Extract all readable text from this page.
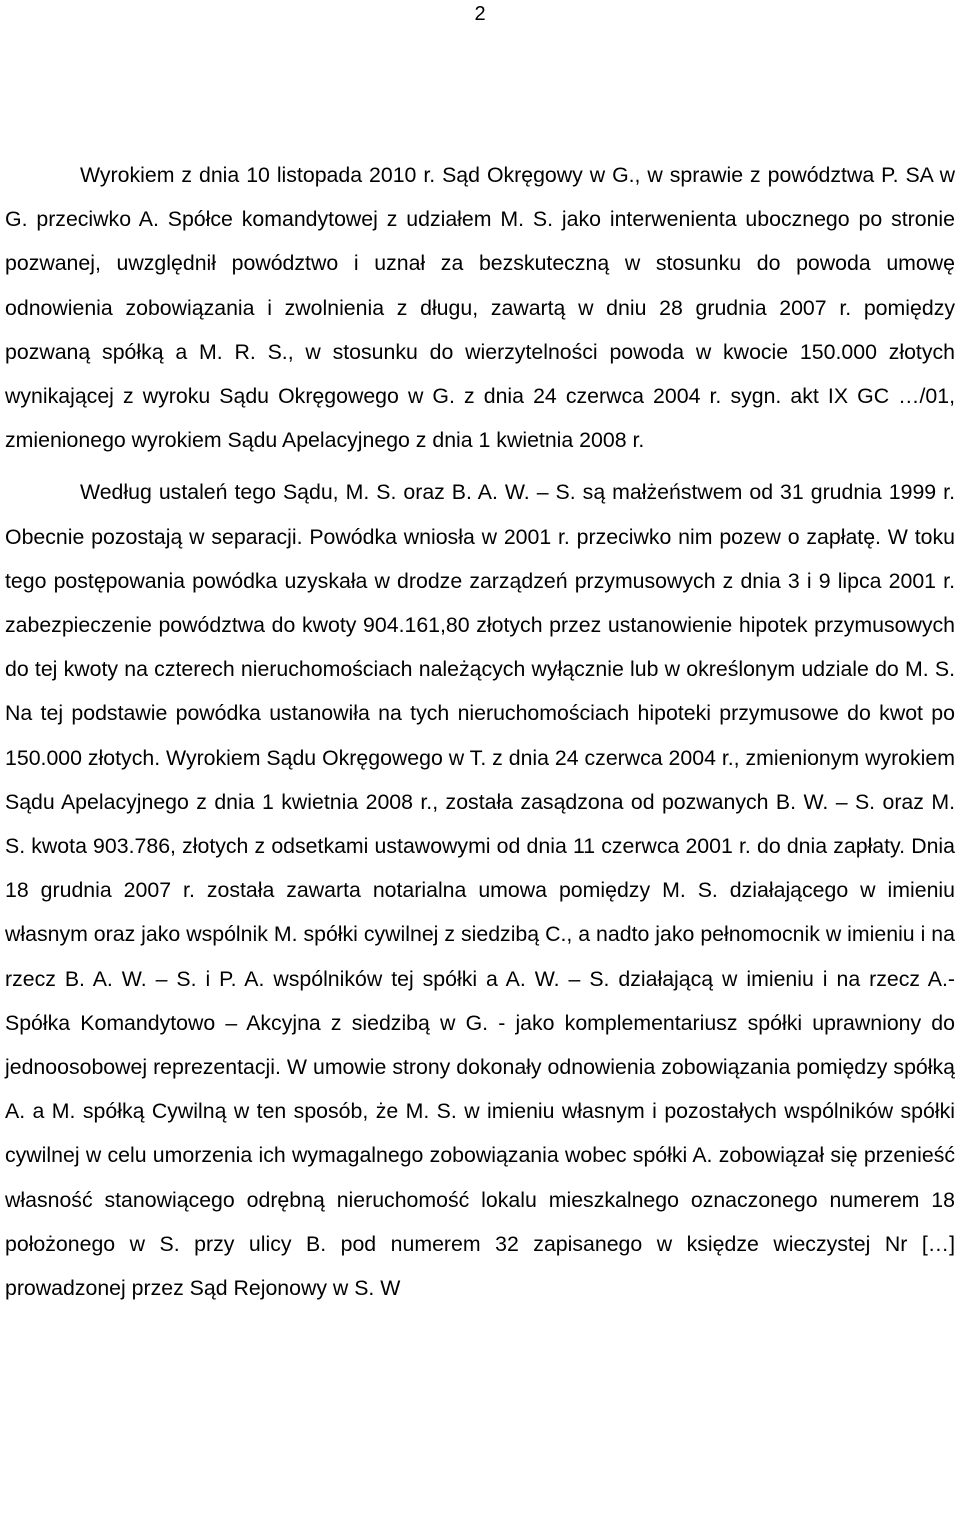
2

Wyrokiem z dnia 10 listopada 2010 r. Sąd Okręgowy w G., w sprawie z powództwa P. SA w G. przeciwko A. Spółce komandytowej z udziałem M. S. jako interwenienta ubocznego po stronie pozwanej, uwzględnił powództwo i uznał za bezskuteczną w stosunku do powoda umowę odnowienia zobowiązania i zwolnienia z długu, zawartą w dniu 28 grudnia 2007 r. pomiędzy pozwaną spółką a M. R. S., w stosunku do wierzytelności powoda w kwocie 150.000 złotych wynikającej z wyroku Sądu Okręgowego w G. z dnia 24 czerwca 2004 r. sygn. akt IX GC …/01, zmienionego wyrokiem Sądu Apelacyjnego z dnia 1 kwietnia 2008 r.

Według ustaleń tego Sądu, M. S. oraz B. A. W. – S. są małżeństwem od 31 grudnia 1999 r. Obecnie pozostają w separacji. Powódka wniosła w 2001 r. przeciwko nim pozew o zapłatę. W toku tego postępowania powódka uzyskała w drodze zarządzeń przymusowych z dnia 3 i 9 lipca 2001 r. zabezpieczenie powództwa do kwoty 904.161,80 złotych przez ustanowienie hipotek przymusowych do tej kwoty na czterech nieruchomościach należących wyłącznie lub w określonym udziale do M. S. Na tej podstawie powódka ustanowiła na tych nieruchomościach hipoteki przymusowe do kwot po 150.000 złotych. Wyrokiem Sądu Okręgowego w T. z dnia 24 czerwca 2004 r., zmienionym wyrokiem Sądu Apelacyjnego z dnia 1 kwietnia 2008 r., została zasądzona od pozwanych B. W. – S. oraz M. S. kwota 903.786, złotych z odsetkami ustawowymi od dnia 11 czerwca 2001 r. do dnia zapłaty. Dnia 18 grudnia 2007 r. została zawarta notarialna umowa pomiędzy M. S. działającego w imieniu własnym oraz jako wspólnik M. spółki cywilnej z siedzibą C., a nadto jako pełnomocnik w imieniu i na rzecz B. A. W. – S. i P. A. wspólników tej spółki a A. W. – S. działającą w imieniu i na rzecz A.- Spółka Komandytowo – Akcyjna z siedzibą w G. - jako komplementariusz spółki uprawniony do jednoosobowej reprezentacji. W umowie strony dokonały odnowienia zobowiązania pomiędzy spółką A. a M. spółką Cywilną w ten sposób, że M. S. w imieniu własnym i pozostałych wspólników spółki cywilnej w celu umorzenia ich wymagalnego zobowiązania wobec spółki A. zobowiązał się przenieść własność stanowiącego odrębną nieruchomość lokalu mieszkalnego oznaczonego numerem 18 położonego w S. przy ulicy B. pod numerem 32 zapisanego w księdze wieczystej Nr […] prowadzonej przez Sąd Rejonowy w S. W
